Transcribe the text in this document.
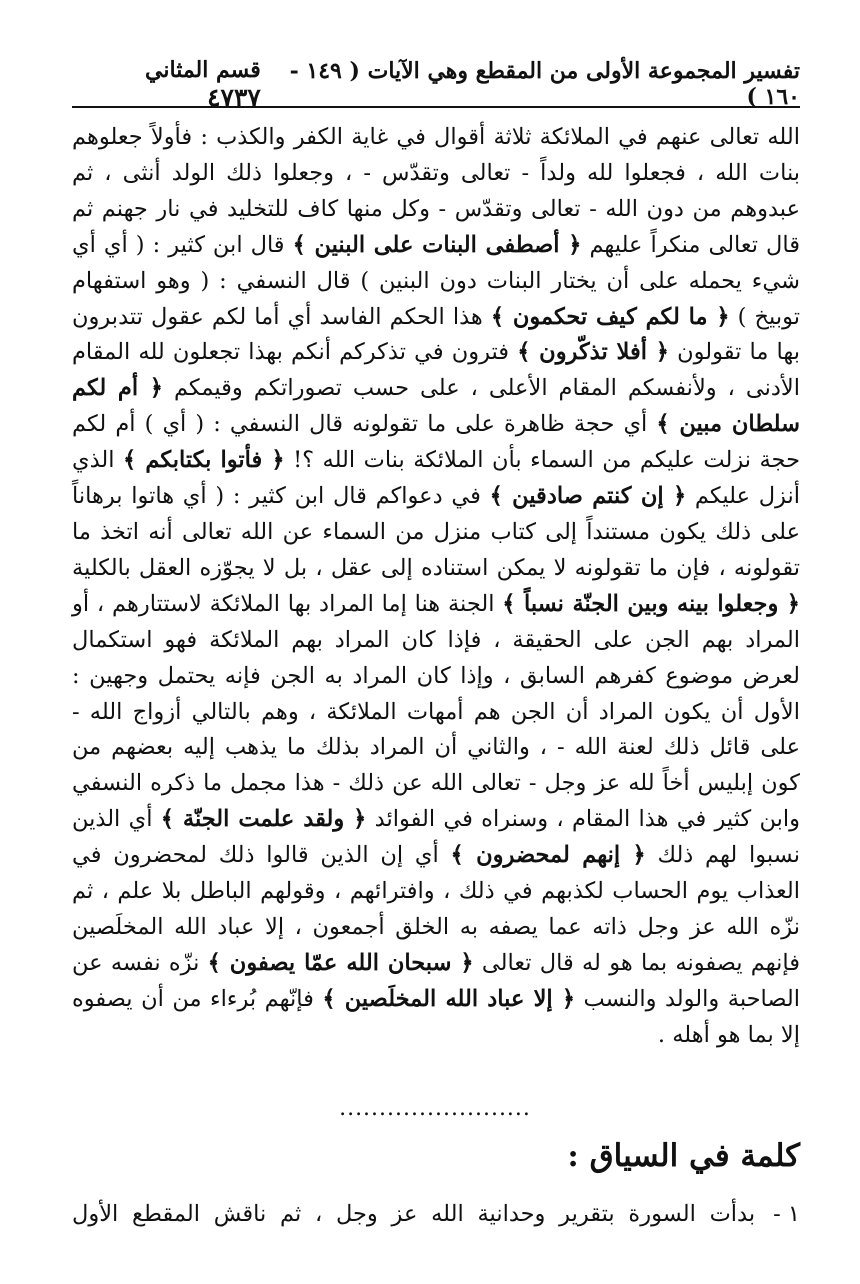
تفسير المجموعة الأولى من المقطع وهي الآيات ( ١٤٩ - ١٦٠ )
قسم المثاني    ٤٧٣٧
الله تعالى عنهم في الملائكة ثلاثة أقوال في غاية الكفر والكذب : فأولاً جعلوهم بنات الله ، فجعلوا لله ولداً - تعالى وتقدّس - ، وجعلوا ذلك الولد أنثى ، ثم عبدوهم من دون الله - تعالى وتقدّس - وكل منها كاف للتخليد في نار جهنم ثم قال تعالى منكراً عليهم ﴿ أصطفى البنات على البنين ﴾ قال ابن كثير : ( أي أي شيء يحمله على أن يختار البنات دون البنين ) قال النسفي : ( وهو استفهام توبيخ ) ﴿ ما لكم كيف تحكمون ﴾ هذا الحكم الفاسد أي أما لكم عقول تتدبرون بها ما تقولون ﴿ أفلا تذكّرون ﴾ فترون في تذكركم أنكم بهذا تجعلون لله المقام الأدنى ، ولأنفسكم المقام الأعلى ، على حسب تصوراتكم وقيمكم ﴿ أم لكم سلطان مبين ﴾ أي حجة ظاهرة على ما تقولونه قال النسفي : ( أي ) أم لكم حجة نزلت عليكم من السماء بأن الملائكة بنات الله ؟! ﴿ فأتوا بكتابكم ﴾ الذي أنزل عليكم ﴿ إن كنتم صادقين ﴾ في دعواكم قال ابن كثير : ( أي هاتوا برهاناً على ذلك يكون مستنداً إلى كتاب منزل من السماء عن الله تعالى أنه اتخذ ما تقولونه ، فإن ما تقولونه لا يمكن استناده إلى عقل ، بل لا يجوّزه العقل بالكلية ﴿ وجعلوا بينه وبين الجنّة نسباً ﴾ الجنة هنا إما المراد بها الملائكة لاستتارهم ، أو المراد بهم الجن على الحقيقة ، فإذا كان المراد بهم الملائكة فهو استكمال لعرض موضوع كفرهم السابق ، وإذا كان المراد به الجن فإنه يحتمل وجهين : الأول أن يكون المراد أن الجن هم أمهات الملائكة ، وهم بالتالي أزواج الله - على قائل ذلك لعنة الله - ، والثاني أن المراد بذلك ما يذهب إليه بعضهم من كون إبليس أخاً لله عز وجل - تعالى الله عن ذلك - هذا مجمل ما ذكره النسفي وابن كثير في هذا المقام ، وسنراه في الفوائد ﴿ ولقد علمت الجنّة ﴾ أي الذين نسبوا لهم ذلك ﴿ إنهم لمحضرون ﴾ أي إن الذين قالوا ذلك لمحضرون في العذاب يوم الحساب لكذبهم في ذلك ، وافترائهم ، وقولهم الباطل بلا علم ، ثم نزّه الله عز وجل ذاته عما يصفه به الخلق أجمعون ، إلا عباد الله المخلَصين فإنهم يصفونه بما هو له قال تعالى ﴿ سبحان الله عمّا يصفون ﴾ نزّه نفسه عن الصاحبة والولد والنسب ﴿ إلا عباد الله المخلَصين ﴾ فإنّهم بُرءاء من أن يصفوه إلا بما هو أهله .
........................
كلمة في السياق :
١ -
بدأت السورة بتقرير وحدانية الله عز وجل ، ثم ناقش المقطع الأول
